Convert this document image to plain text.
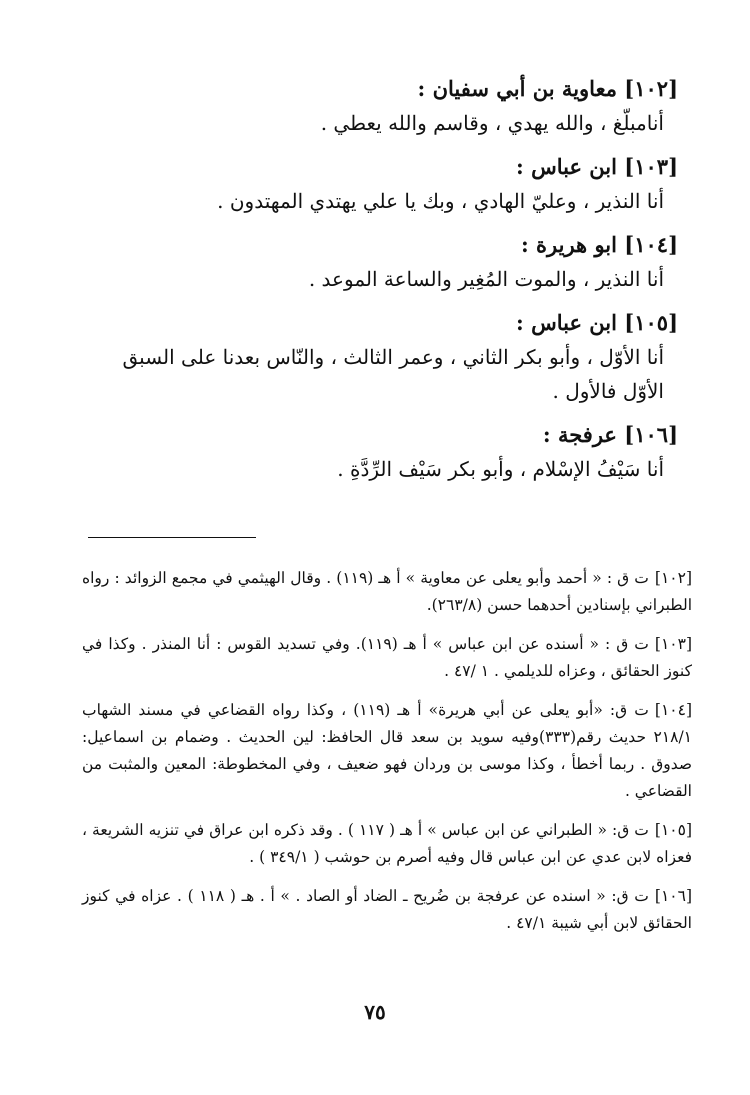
[١٠٢] معاوية بن أبي سفيان :
أنامبلّغ ، والله يهدي ، وقاسم والله يعطي .
[١٠٣] ابن عباس :
أنا النذير ، وعليّ الهادي ، وبك يا علي يهتدي المهتدون .
[١٠٤] ابو هريرة :
أنا النذير ، والموت المُغِير والساعة الموعد .
[١٠٥] ابن عباس :
أنا الأوّل ، وأبو بكر الثاني ، وعمر الثالث ، والنّاس بعدنا على السبق
الأوّل فالأول .
[١٠٦] عرفجة :
أنا سَيْفُ الإسْلام ، وأبو بكر سَيْف الرِّدَّةِ .
[١٠٢]ت ق : « أحمد وأبو يعلى عن معاوية » أ هـ (١١٩) . وقال الهيثمي في مجمع الزوائد : رواه الطبراني بإسنادين أحدهما حسن (٢٦٣/٨).
[١٠٣]ت ق : « أسنده عن ابن عباس » أ هـ (١١٩). وفي تسديد القوس : أنا المنذر . وكذا في كنوز الحقائق ، وعزاه للديلمي . ١ /٤٧ .
[١٠٤]ت ق: «أبو يعلى عن أبي هريرة» أ هـ (١١٩) ، وكذا رواه القضاعي في مسند الشهاب ٢١٨/١ حديث رقم(٣٣٣)وفيه سويد بن سعد قال الحافظ: لين الحديث . وضمام بن اسماعيل: صدوق . ربما أخطأ ، وكذا موسى بن وردان فهو ضعيف ، وفي المخطوطة: المعين والمثبت من القضاعي .
[١٠٥]ت ق: « الطبراني عن ابن عباس » أ هـ ( ١١٧ ) . وقد ذكره ابن عراق في تنزيه الشريعة ، فعزاه لابن عدي عن ابن عباس قال وفيه أصرم بن حوشب ( ٣٤٩/١ ) .
[١٠٦]ت ق: « اسنده عن عرفجة بن ضُريح ـ الضاد أو الصاد . » أ . هـ ( ١١٨ ) . عزاه في كنوز الحقائق لابن أبي شيبة ٤٧/١ .
٧٥
